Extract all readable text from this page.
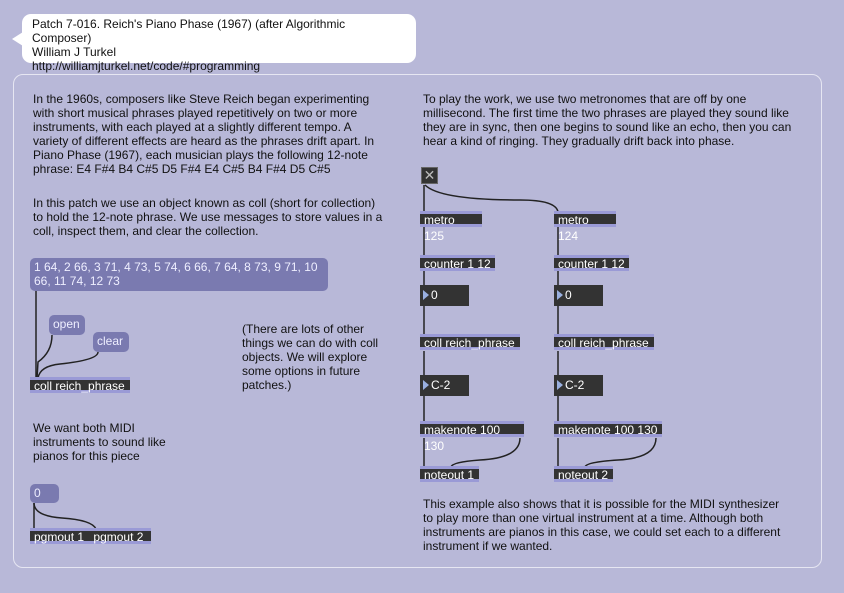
Patch 7-016. Reich's Piano Phase (1967) (after Algorithmic Composer)
William J Turkel
http://williamjturkel.net/code/#programming
In the 1960s, composers like Steve Reich began experimenting
with short musical phrases played repetitively on two or more
instruments, with each played at a slightly different tempo. A
variety of different effects are heard as the phrases drift apart. In
Piano Phase (1967), each musician plays the following 12-note
phrase: E4 F#4 B4 C#5 D5 F#4 E4 C#5 B4 F#4 D5 C#5
In this patch we use an object known as coll (short for collection)
to hold the 12-note phrase. We use messages to store values in a
coll, inspect them, and clear the collection.
1 64, 2 66, 3 71, 4 73, 5 74, 6 66, 7 64, 8 73, 9 71, 10
66, 11 74, 12 73
open
clear
coll reich_phrase
(There are lots of other
things we can do with coll
objects. We will explore
some options in future
patches.)
We want both MIDI
instruments to sound like
pianos for this piece
0
pgmout 1 pgmout 2
To play the work, we use two metronomes that are off by one
millisecond. The first time the two phrases are played they sound like
they are in sync, then one begins to sound like an echo, then you can
hear a kind of ringing. They gradually drift back into phase.
✕
metro 125
counter 1 12
0
coll reich_phrase
C-2
makenote 100 130
noteout 1
metro 124
counter 1 12
0
coll reich_phrase
C-2
makenote 100 130
noteout 2
This example also shows that it is possible for the MIDI synthesizer
to play more than one virtual instrument at a time. Although both
instruments are pianos in this case, we could set each to a different
instrument if we wanted.
